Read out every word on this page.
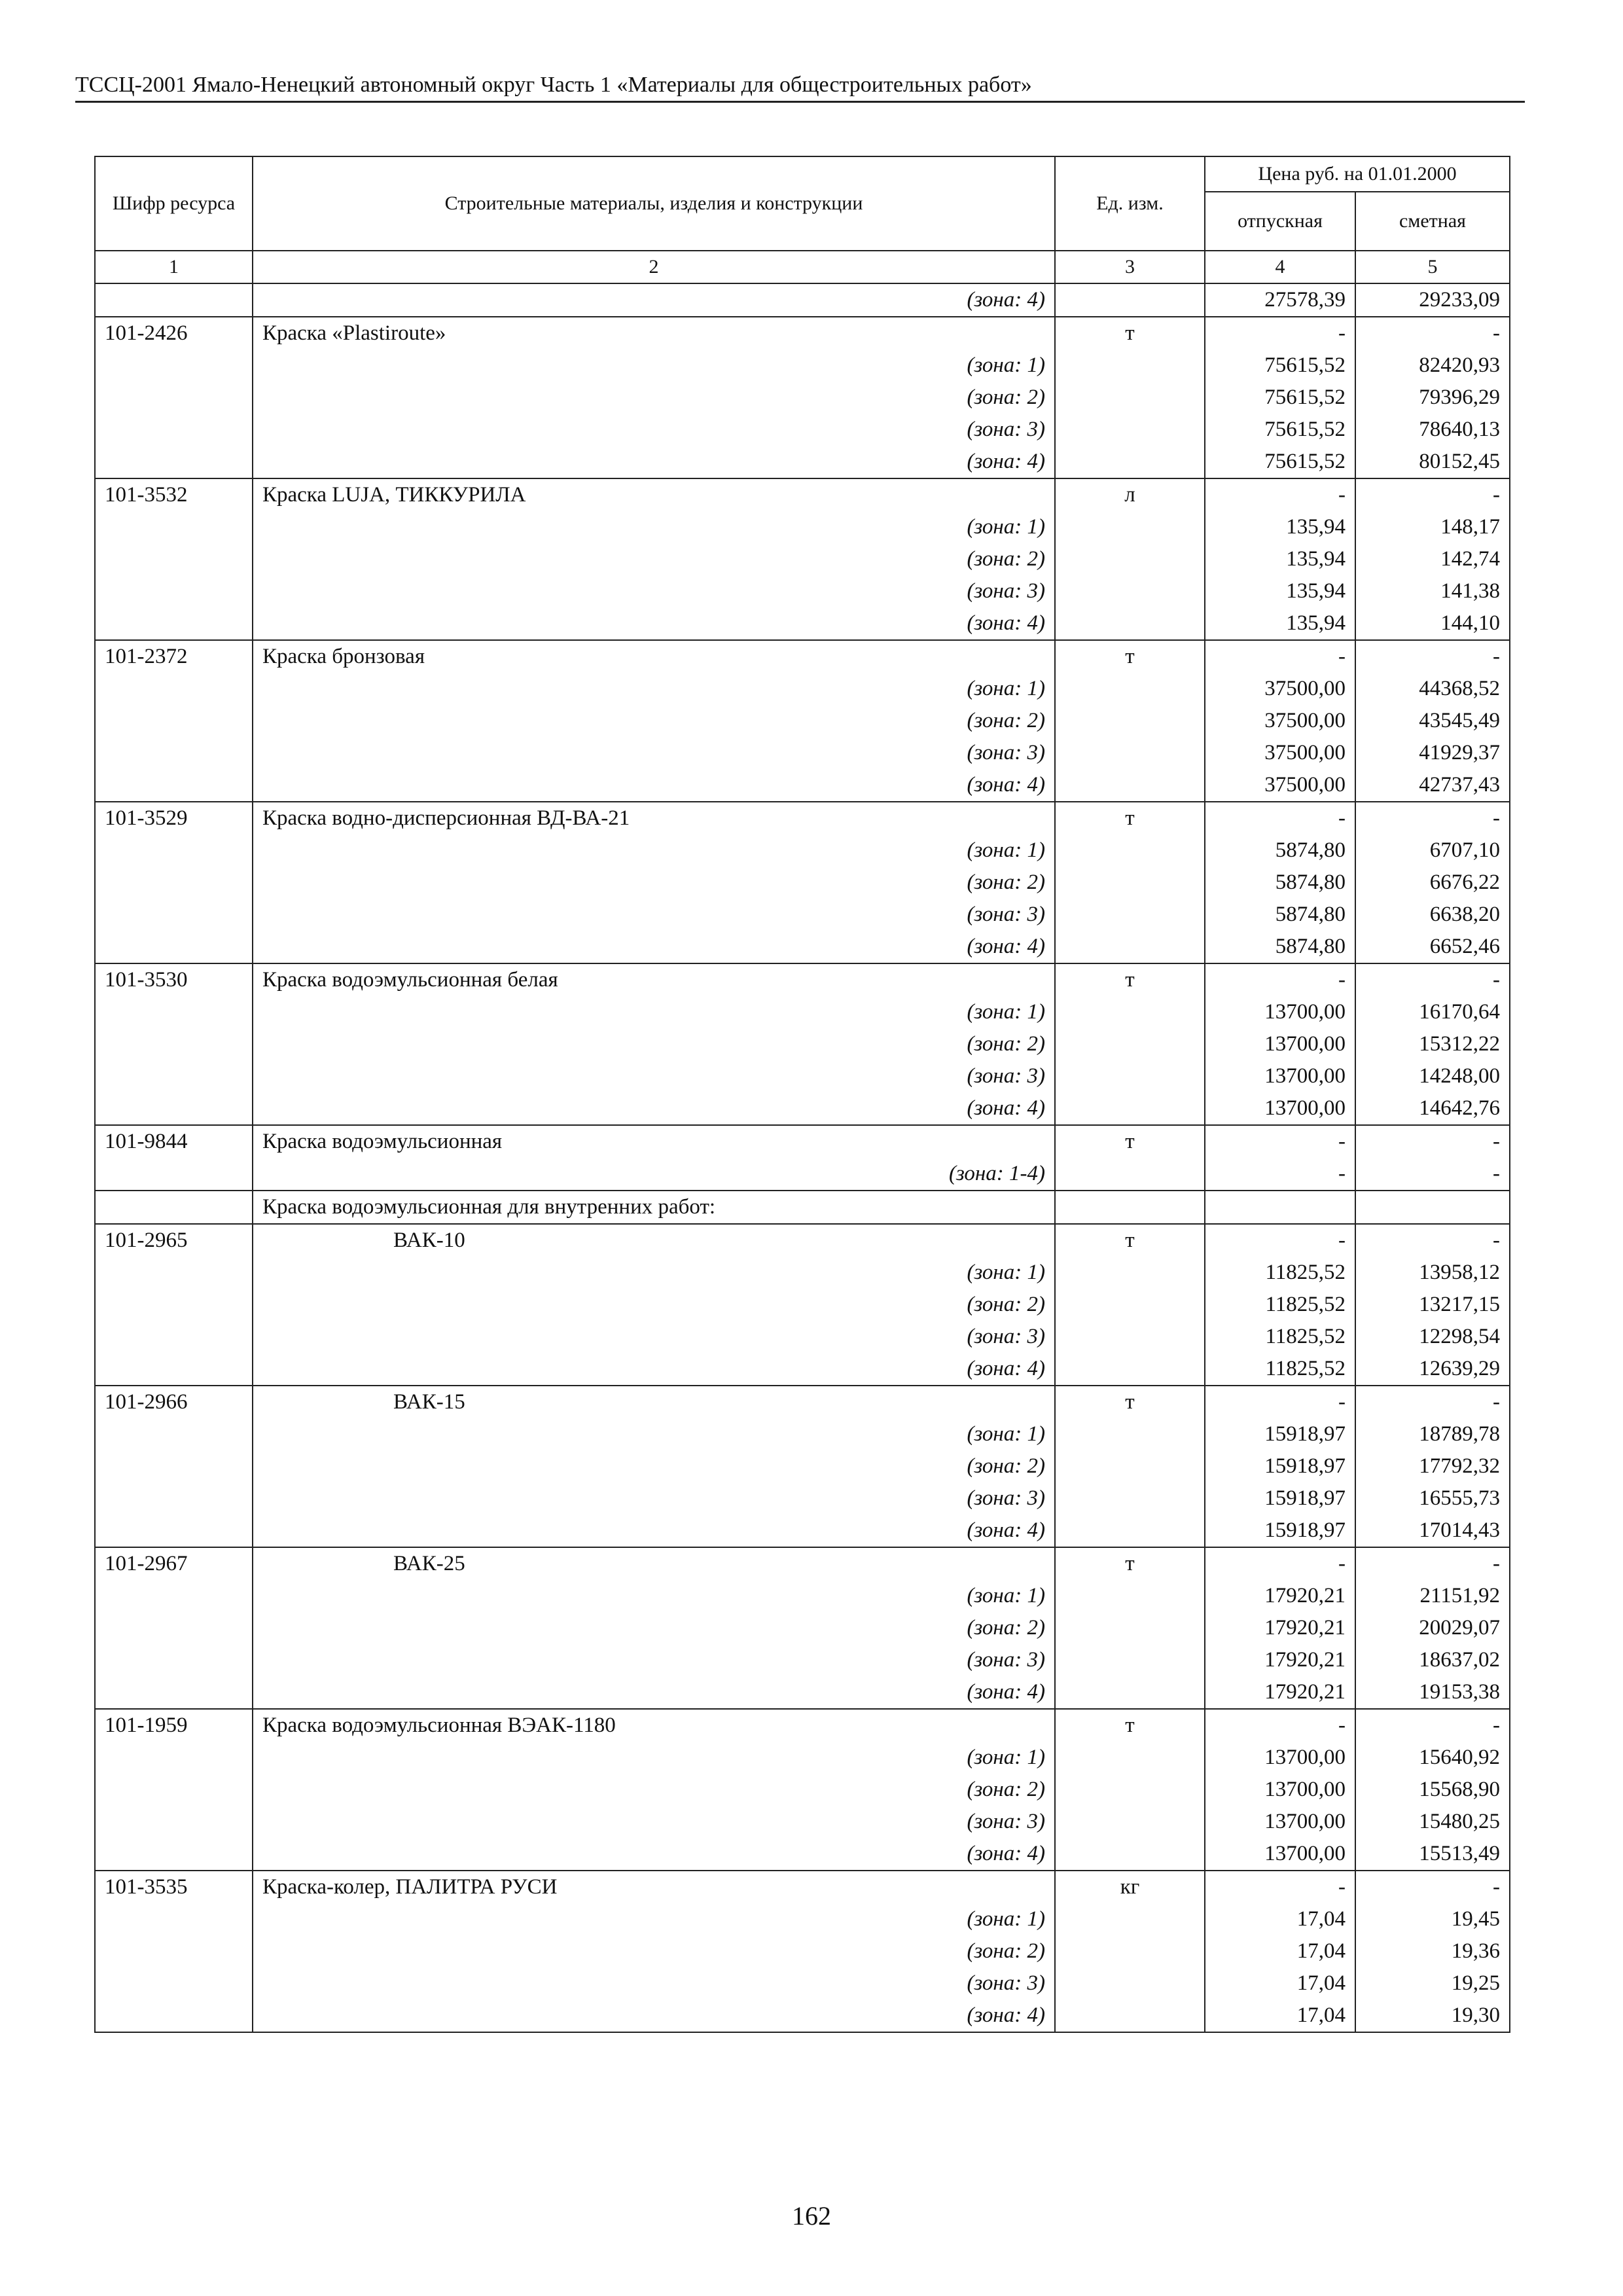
ТССЦ-2001 Ямало-Ненецкий автономный округ Часть 1 «Материалы для общестроительных работ»
Шифр ресурса	Строительные материалы, изделия и конструкции	Ед. изм.	Цена руб. на 01.01.2000	
			отпускная	сметная
1	2	3	4	5
	(зона: 4)		27578,39	29233,09
101-2426	Краска «Plastiroute»	т	-	-
	(зона: 1)		75615,52	82420,93
	(зона: 2)		75615,52	79396,29
	(зона: 3)		75615,52	78640,13
	(зона: 4)		75615,52	80152,45
101-3532	Краска LUJA, ТИККУРИЛА	л	-	-
	(зона: 1)		135,94	148,17
	(зона: 2)		135,94	142,74
	(зона: 3)		135,94	141,38
	(зона: 4)		135,94	144,10
101-2372	Краска бронзовая	т	-	-
	(зона: 1)		37500,00	44368,52
	(зона: 2)		37500,00	43545,49
	(зона: 3)		37500,00	41929,37
	(зона: 4)		37500,00	42737,43
101-3529	Краска водно-дисперсионная ВД-ВА-21	т	-	-
	(зона: 1)		5874,80	6707,10
	(зона: 2)		5874,80	6676,22
	(зона: 3)		5874,80	6638,20
	(зона: 4)		5874,80	6652,46
101-3530	Краска водоэмульсионная белая	т	-	-
	(зона: 1)		13700,00	16170,64
	(зона: 2)		13700,00	15312,22
	(зона: 3)		13700,00	14248,00
	(зона: 4)		13700,00	14642,76
101-9844	Краска водоэмульсионная	т	-	-
	(зона: 1-4)		-	-
	Краска водоэмульсионная для внутренних работ:			
101-2965	ВАК-10	т	-	-
	(зона: 1)		11825,52	13958,12
	(зона: 2)		11825,52	13217,15
	(зона: 3)		11825,52	12298,54
	(зона: 4)		11825,52	12639,29
101-2966	ВАК-15	т	-	-
	(зона: 1)		15918,97	18789,78
	(зона: 2)		15918,97	17792,32
	(зона: 3)		15918,97	16555,73
	(зона: 4)		15918,97	17014,43
101-2967	ВАК-25	т	-	-
	(зона: 1)		17920,21	21151,92
	(зона: 2)		17920,21	20029,07
	(зона: 3)		17920,21	18637,02
	(зона: 4)		17920,21	19153,38
101-1959	Краска водоэмульсионная ВЭАК-1180	т	-	-
	(зона: 1)		13700,00	15640,92
	(зона: 2)		13700,00	15568,90
	(зона: 3)		13700,00	15480,25
	(зона: 4)		13700,00	15513,49
101-3535	Краска-колер, ПАЛИТРА РУСИ	кг	-	-
	(зона: 1)		17,04	19,45
	(зона: 2)		17,04	19,36
	(зона: 3)		17,04	19,25
	(зона: 4)		17,04	19,30
162
